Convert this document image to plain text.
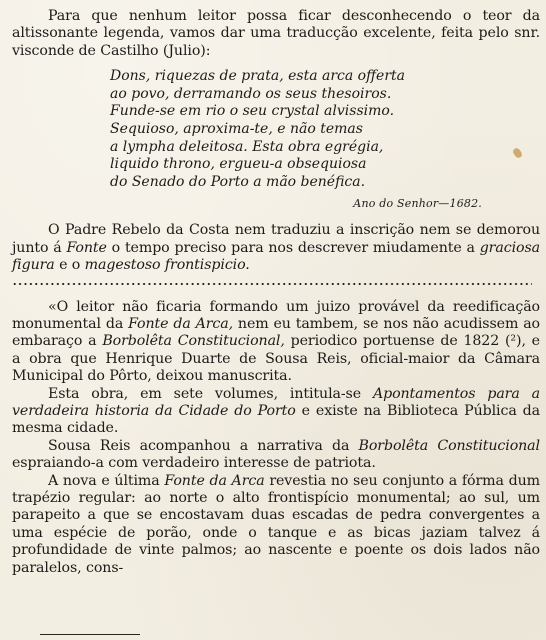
Para que nenhum leitor possa ficar desconhecendo o teor da altissonante legenda, vamos dar uma traducção excelente, feita pelo snr. visconde de Castilho (Julio):

Dons, riquezas de prata, esta arca offerta
ao povo, derramando os seus thesoiros.
Funde-se em rio o seu crystal alvissimo.
Sequioso, aproxima-te, e não temas
a lympha deleitosa. Esta obra egrégia,
liquido throno, ergueu-a obsequiosa
do Senado do Porto a mão benéfica.
Ano do Senhor—1682.

O Padre Rebelo da Costa nem traduziu a inscrição nem se demorou junto á Fonte o tempo preciso para nos descrever miudamente a graciosa figura e o magestoso frontispicio.

«O leitor não ficaria formando um juizo provável da reedificação monumental da Fonte da Arca, nem eu tambem, se nos não acudissem ao embaraço a Borbolêta Constitucional, periodico portuense de 1822 (²), e a obra que Henrique Duarte de Sousa Reis, oficial-maior da Câmara Municipal do Pôrto, deixou manuscrita.

Esta obra, em sete volumes, intitula-se Apontamentos para a verdadeira historia da Cidade do Porto e existe na Biblioteca Pública da mesma cidade.

Sousa Reis acompanhou a narrativa da Borbolêta Constitucional espraiando-a com verdadeiro interesse de patriota.

A nova e última Fonte da Arca revestia no seu conjunto a fórma dum trapézio regular: ao norte o alto frontispício monumental; ao sul, um parapeito a que se encostavam duas escadas de pedra convergentes a uma espécie de porão, onde o tanque e as bicas jaziam talvez á profundidade de vinte palmos; ao nascente e poente os dois lados não paralelos, cons-
